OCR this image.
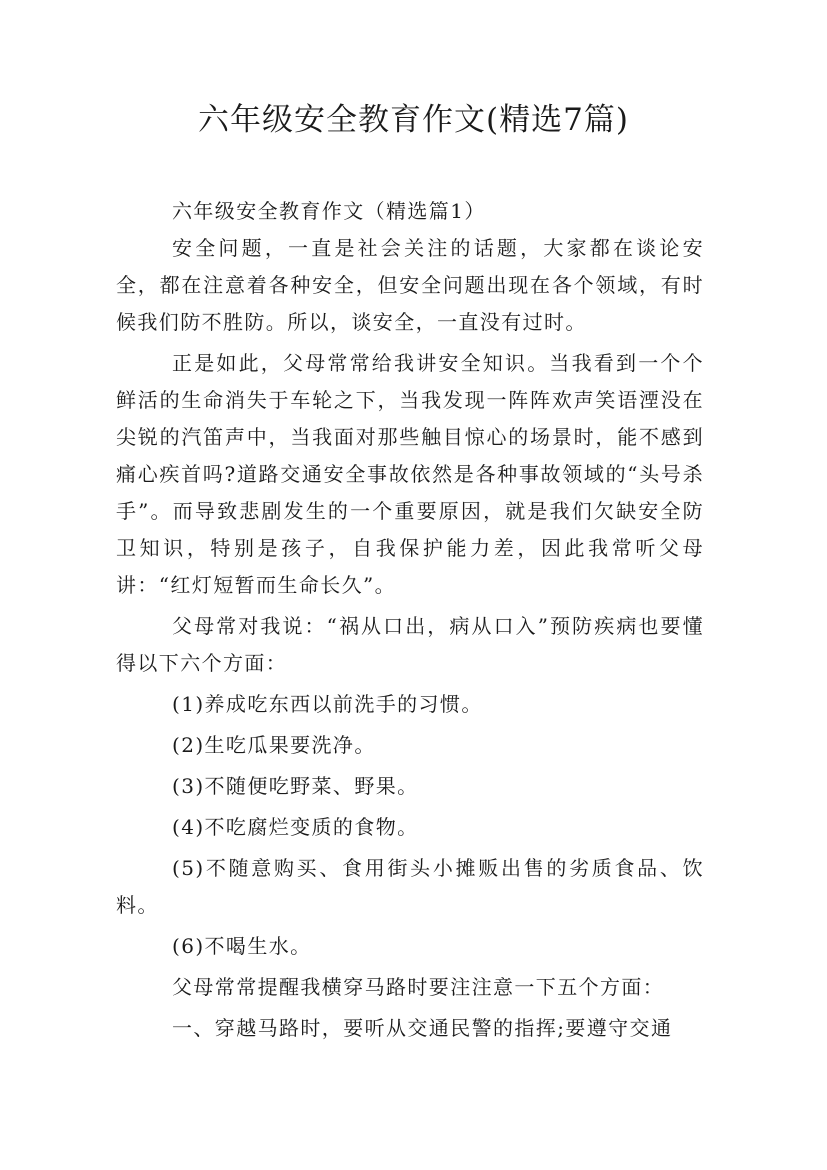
六年级安全教育作文(精选7篇)

六年级安全教育作文（精选篇1）

安全问题，一直是社会关注的话题，大家都在谈论安全，都在注意着各种安全，但安全问题出现在各个领域，有时候我们防不胜防。所以，谈安全，一直没有过时。

正是如此，父母常常给我讲安全知识。当我看到一个个鲜活的生命消失于车轮之下，当我发现一阵阵欢声笑语湮没在尖锐的汽笛声中，当我面对那些触目惊心的场景时，能不感到痛心疾首吗?道路交通安全事故依然是各种事故领域的“头号杀手”。而导致悲剧发生的一个重要原因，就是我们欠缺安全防卫知识，特别是孩子，自我保护能力差，因此我常听父母讲：“红灯短暂而生命长久”。

父母常对我说：“祸从口出，病从口入”预防疾病也要懂得以下六个方面：

(1)养成吃东西以前洗手的习惯。

(2)生吃瓜果要洗净。

(3)不随便吃野菜、野果。

(4)不吃腐烂变质的食物。

(5)不随意购买、食用街头小摊贩出售的劣质食品、饮料。

(6)不喝生水。

父母常常提醒我横穿马路时要注注意一下五个方面：

一、穿越马路时，要听从交通民警的指挥;要遵守交通
